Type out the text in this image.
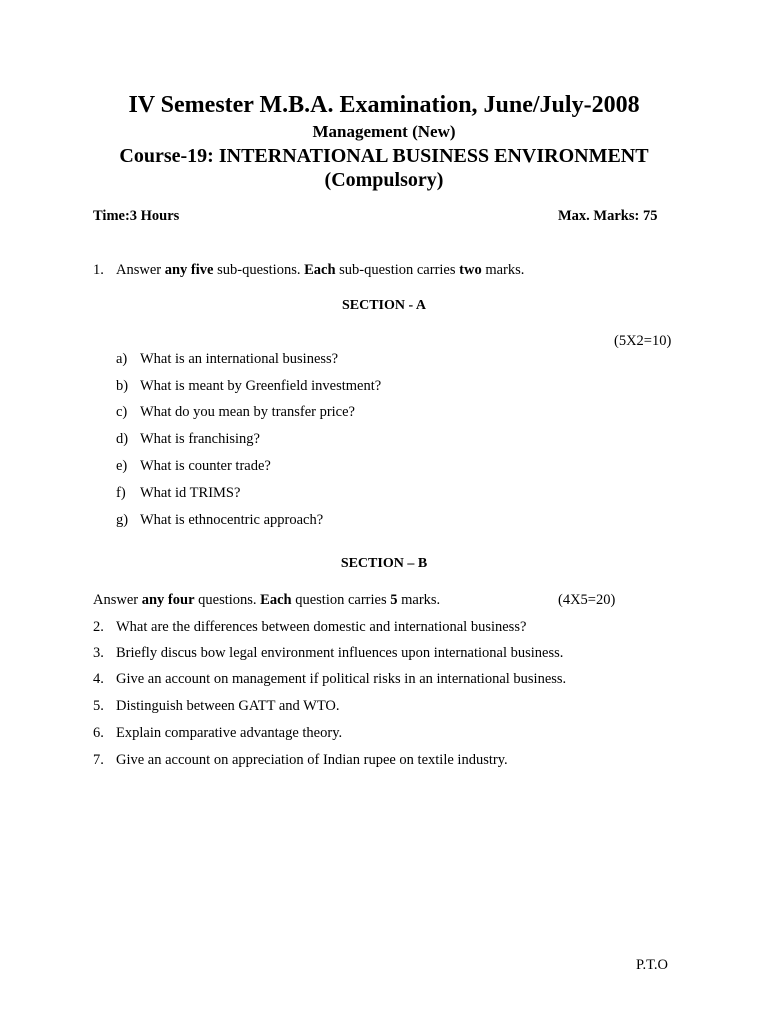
IV Semester M.B.A. Examination, June/July-2008
Management (New)
Course-19: INTERNATIONAL BUSINESS ENVIRONMENT
(Compulsory)
Time:3 Hours	Max. Marks: 75
1. Answer any five sub-questions. Each sub-question carries two marks.
SECTION - A
(5X2=10)
a) What is an international business?
b) What is meant by Greenfield investment?
c) What do you mean by transfer price?
d) What is franchising?
e) What is counter trade?
f) What id TRIMS?
g) What is ethnocentric approach?
SECTION – B
Answer any four questions. Each question carries 5 marks.	(4X5=20)
2. What are the differences between domestic and international business?
3. Briefly discus bow legal environment influences upon international business.
4. Give an account on management if political risks in an international business.
5. Distinguish between GATT and WTO.
6. Explain comparative advantage theory.
7. Give an account on appreciation of Indian rupee on textile industry.
P.T.O
